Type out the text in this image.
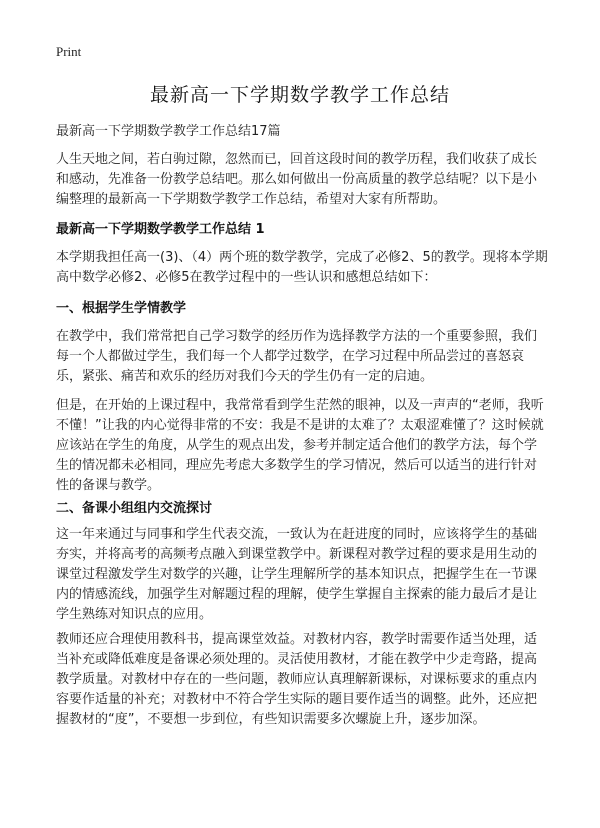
Print
最新高一下学期数学教学工作总结
最新高一下学期数学教学工作总结17篇

人生天地之间，若白驹过隙，忽然而已，回首这段时间的教学历程，我们收获了成长和感动，先准备一份教学总结吧。那么如何做出一份高质量的教学总结呢？以下是小编整理的最新高一下学期数学教学工作总结，希望对大家有所帮助。

最新高一下学期数学教学工作总结 1

本学期我担任高一(3)、（4）两个班的数学教学，完成了必修2、5的教学。现将本学期高中数学必修2、必修5在教学过程中的一些认识和感想总结如下：

一、根据学生学情教学

在教学中，我们常常把自己学习数学的经历作为选择教学方法的一个重要参照，我们每一个人都做过学生，我们每一个人都学过数学，在学习过程中所品尝过的喜怒哀乐，紧张、痛苦和欢乐的经历对我们今天的学生仍有一定的启迪。

但是，在开始的上课过程中，我常常看到学生茫然的眼神，以及一声声的“老师，我听不懂！”让我的内心觉得非常的不安：我是不是讲的太难了？太艰涩难懂了？这时候就应该站在学生的角度，从学生的观点出发，参考并制定适合他们的教学方法，每个学生的情况都未必相同，理应先考虑大多数学生的学习情况，然后可以适当的进行针对性的备课与教学。

二、备课小组组内交流探讨

这一年来通过与同事和学生代表交流，一致认为在赶进度的同时，应该将学生的基础夯实，并将高考的高频考点融入到课堂教学中。新课程对教学过程的要求是用生动的课堂过程激发学生对数学的兴趣，让学生理解所学的基本知识点，把握学生在一节课内的情感流线，加强学生对解题过程的理解，使学生掌握自主探索的能力最后才是让学生熟练对知识点的应用。

教师还应合理使用教科书，提高课堂效益。对教材内容，教学时需要作适当处理，适当补充或降低难度是备课必须处理的。灵活使用教材，才能在教学中少走弯路，提高教学质量。对教材中存在的一些问题，教师应认真理解新课标，对课标要求的重点内容要作适量的补充；对教材中不符合学生实际的题目要作适当的调整。此外，还应把握教材的“度”，不要想一步到位，有些知识需要多次螺旋上升，逐步加深。
